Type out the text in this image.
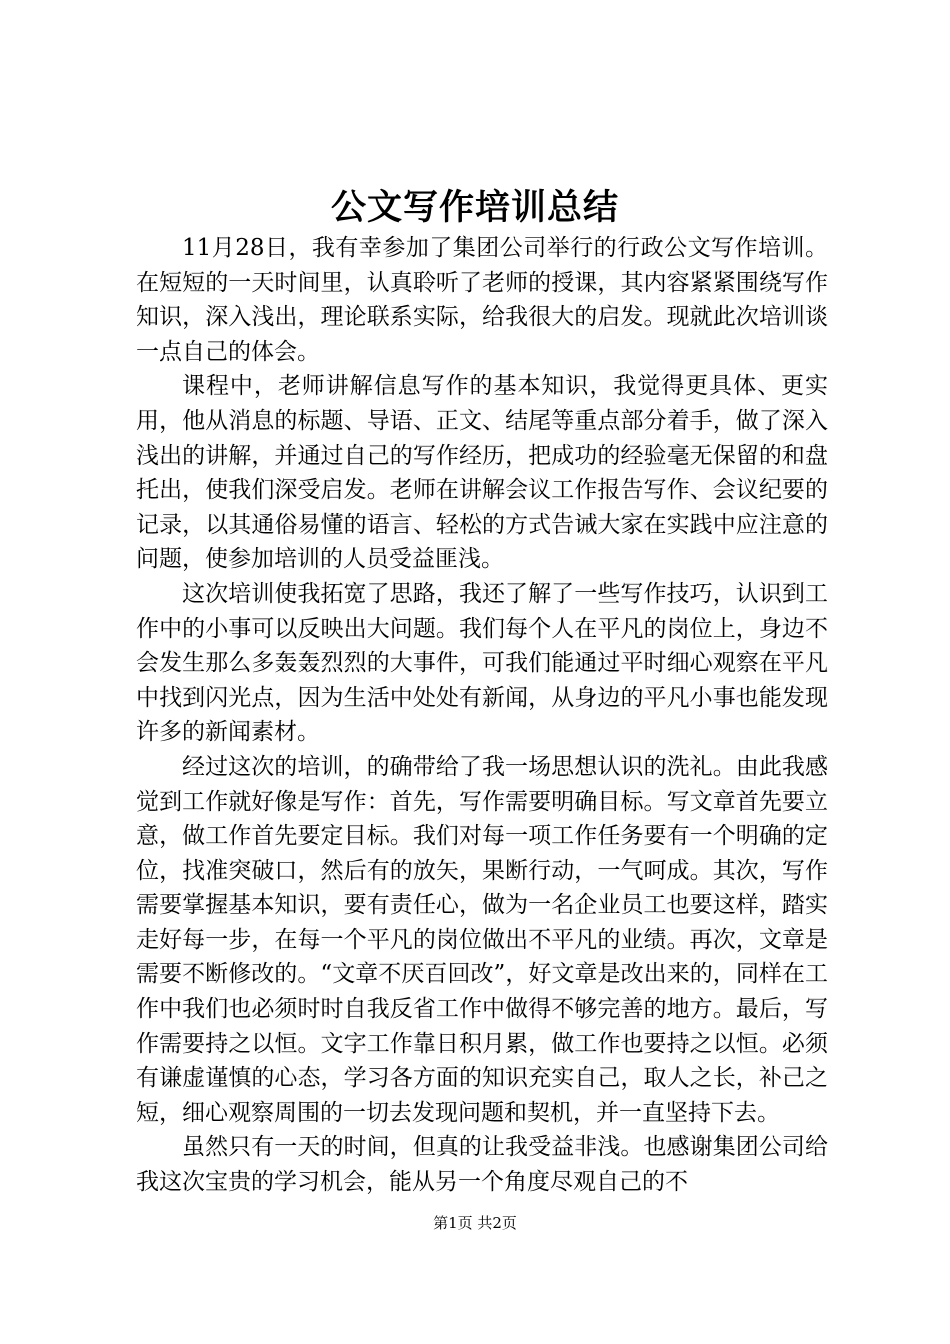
公文写作培训总结

11月28日，我有幸参加了集团公司举行的行政公文写作培训。在短短的一天时间里，认真聆听了老师的授课，其内容紧紧围绕写作知识，深入浅出，理论联系实际，给我很大的启发。现就此次培训谈一点自己的体会。

课程中，老师讲解信息写作的基本知识，我觉得更具体、更实用，他从消息的标题、导语、正文、结尾等重点部分着手，做了深入浅出的讲解，并通过自己的写作经历，把成功的经验毫无保留的和盘托出，使我们深受启发。老师在讲解会议工作报告写作、会议纪要的记录，以其通俗易懂的语言、轻松的方式告诫大家在实践中应注意的问题，使参加培训的人员受益匪浅。

这次培训使我拓宽了思路，我还了解了一些写作技巧，认识到工作中的小事可以反映出大问题。我们每个人在平凡的岗位上，身边不会发生那么多轰轰烈烈的大事件，可我们能通过平时细心观察在平凡中找到闪光点，因为生活中处处有新闻，从身边的平凡小事也能发现许多的新闻素材。

经过这次的培训，的确带给了我一场思想认识的洗礼。由此我感觉到工作就好像是写作：首先，写作需要明确目标。写文章首先要立意，做工作首先要定目标。我们对每一项工作任务要有一个明确的定位，找准突破口，然后有的放矢，果断行动，一气呵成。其次，写作需要掌握基本知识，要有责任心，做为一名企业员工也要这样，踏实走好每一步，在每一个平凡的岗位做出不平凡的业绩。再次，文章是需要不断修改的。“文章不厌百回改”，好文章是改出来的，同样在工作中我们也必须时时自我反省工作中做得不够完善的地方。最后，写作需要持之以恒。文字工作靠日积月累，做工作也要持之以恒。必须有谦虚谨慎的心态，学习各方面的知识充实自己，取人之长，补己之短，细心观察周围的一切去发现问题和契机，并一直坚持下去。

虽然只有一天的时间，但真的让我受益非浅。也感谢集团公司给我这次宝贵的学习机会，能从另一个角度尽观自己的不

第1页 共2页
